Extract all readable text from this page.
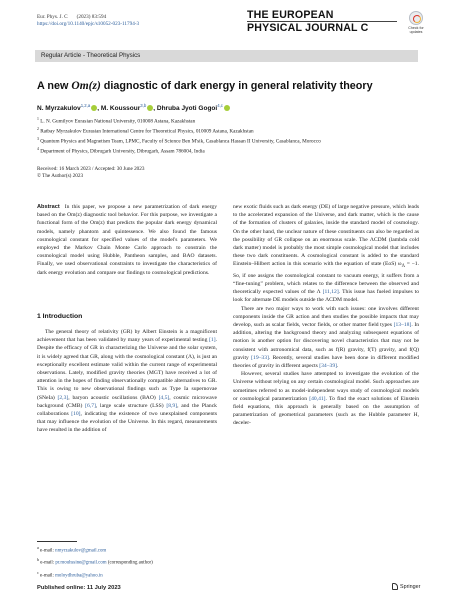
Eur. Phys. J. C (2023) 83:594
https://doi.org/10.1140/epjc/s10052-023-11794-3
THE EUROPEAN
PHYSICAL JOURNAL C	Check for updates
Regular Article - Theoretical Physics
A new Om(z) diagnostic of dark energy in general relativity theory
N. Myrzakulov$^{1,2,a}$ , M. Koussour$^{3,b}$ , Dhruba Jyoti Gogoi$^{4,c}$
$^1$ L. N. Gumilyov Eurasian National University, 010008 Astana, Kazakhstan
$^2$ Ratbay Myrzakulov Eurasian International Centre for Theoretical Physics, 010009 Astana, Kazakhstan
$^3$ Quantum Physics and Magnetism Team, LPMC, Faculty of Science Ben M'sik, Casablanca Hassan II University, Casablanca, Morocco
$^4$ Department of Physics, Dibrugarh University, Dibrugarh, Assam 786004, India
Received: 16 March 2023 / Accepted: 30 June 2023
© The Author(s) 2023

Abstract In this paper, we propose a new parametrization of dark energy based on the Om(z) diagnostic tool behavior. For this purpose, we investigate a functional form of the Om(z) that predicts the popular dark energy dynamical models, namely phantom and quintessence. We also found the famous cosmological constant for specified values of the model's parameters. We employed the Markov Chain Monte Carlo approach to constrain the cosmological model using Hubble, Pantheon samples, and BAO datasets. Finally, we used observational constraints to investigate the characteristics of dark energy evolution and compare our findings to cosmological predictions.

1 Introduction

The general theory of relativity (GR) by Albert Einstein is a magnificent achievement that has been validated by many years of experimental testing [1]. Despite the efficacy of GR in characterizing the Universe and the solar system, it is widely agreed that GR, along with the cosmological constant (Λ), is just an exceptionally excellent estimate valid within the current range of experimental observations. Lately, modified gravity theories (MGT) have received a lot of attention in the hopes of finding observationally compatible alternatives to GR. This is owing to new observational findings such as Type Ia supernovae (SNeIa) [2,3], baryon acoustic oscillations (BAO) [4,5], cosmic microwave background (CMB) [6,7], large scale structure (LSS) [8,9], and the Planck collaborations [10], indicating the existence of two unexplained components that may influence the evolution of the Universe. In this regard, measurements have resulted in the addition of

new exotic fluids such as dark energy (DE) of large negative pressure, which leads to the accelerated expansion of the Universe, and dark matter, which is the cause of the formation of clusters of galaxies, inside the standard model of cosmology. On the other hand, the unclear nature of these constituents can also be regarded as the possibility of GR collapse on an enormous scale. The ΛCDM (lambda cold dark matter) model is probably the most simple cosmological model that includes these two dark constituents. A cosmological constant is added to the standard Einstein–Hilbert action in this scenario with the equation of state (EoS) $\omega_\Lambda = -1$. So, if one assigns the cosmological constant to vacuum energy, it suffers from a “fine-tuning” problem, which relates to the difference between the observed and theoretically expected values of the Λ [11,12]. This issue has fueled impulses to look for alternate DE models outside the ΛCDM model.

There are two major ways to work with such issues: one involves different components inside the GR action and then studies the possible impacts that may develop, such as scalar fields, vector fields, or other matter field types [13–18]. In addition, altering the background theory and analyzing subsequent equations of motion is another option for discovering novel characteristics that may not be consistent with astronomical data, such as f(R) gravity, f(T) gravity, and f(Q) gravity [19–33]. Recently, several studies have been done in different modified theories of gravity in different aspects [34–39].

However, several studies have attempted to investigate the evolution of the Universe without relying on any certain cosmological model. Such approaches are sometimes referred to as model-independent ways study of cosmological models or cosmological parametrization [40,41]. To find the exact solutions of Einstein field equations, this approach is generally based on the assumption of parametrization of geometrical parameters (such as the Hubble parameter H, deceler-

$^a$ e-mail: nmyrzakulov@gmail.com
$^b$ e-mail: pr.mouhssine@gmail.com (corresponding author)
$^c$ e-mail: moloydhruba@yahoo.in
Published online: 11 July 2023	Springer
